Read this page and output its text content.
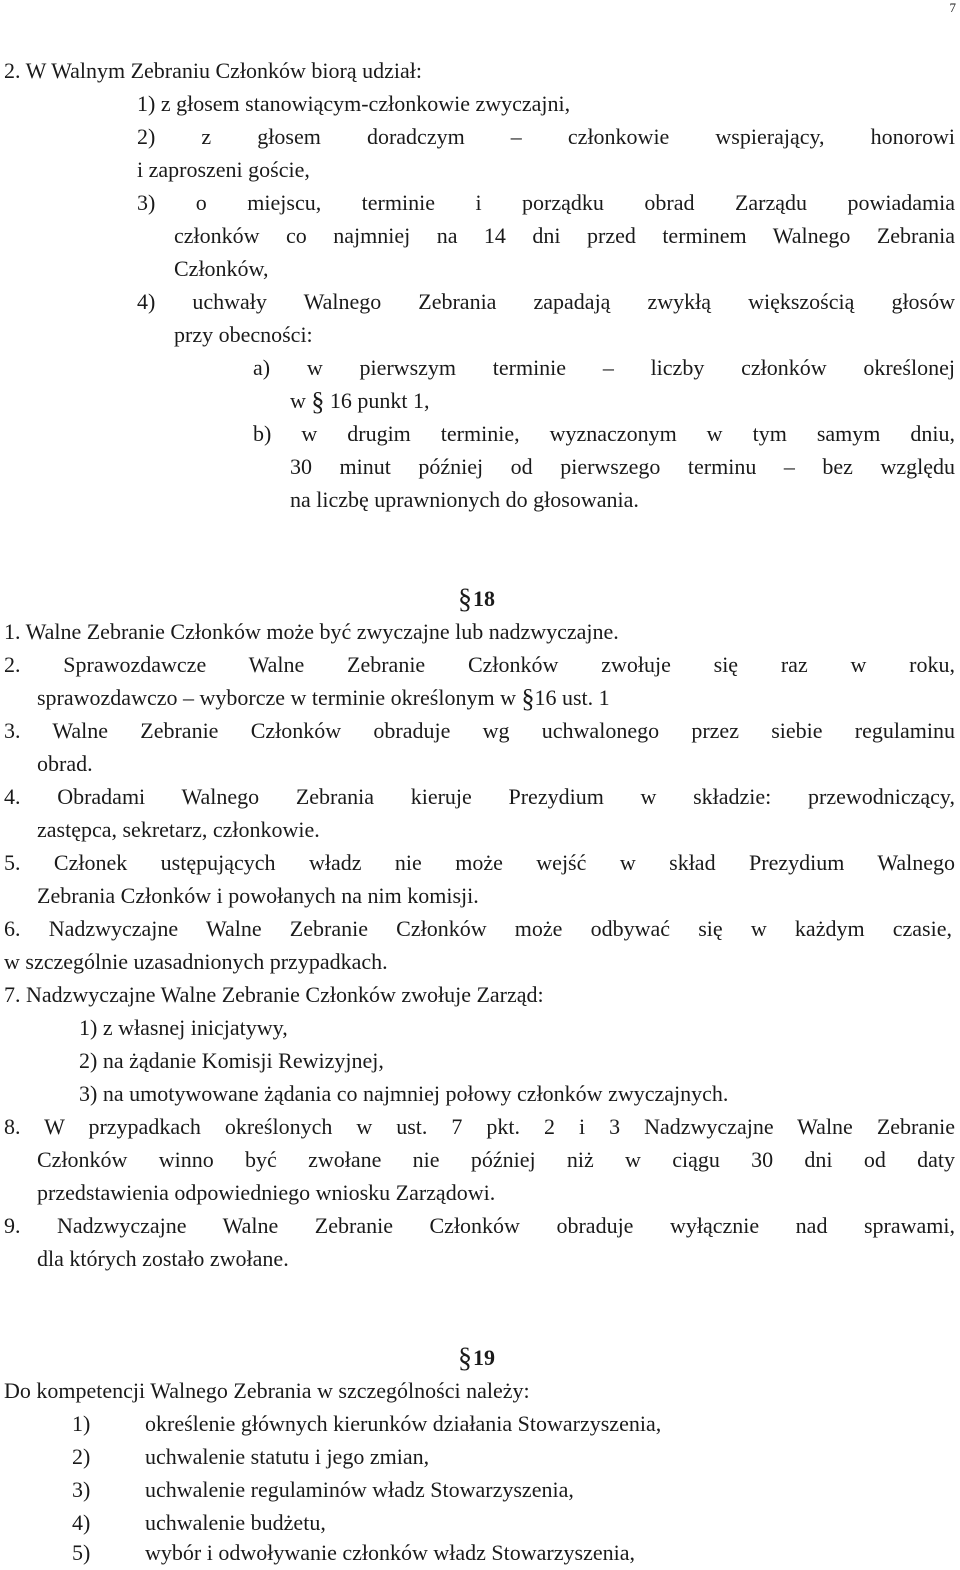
7
2. W Walnym Zebraniu Członków biorą udział:
1) z głosem stanowiącym-członkowie zwyczajni,
2) z głosem doradczym – członkowie wspierający, honorowi
i zaproszeni goście,
3) o miejscu, terminie i porządku obrad Zarządu powiadamia
członków co najmniej na 14 dni przed terminem Walnego Zebrania
Członków,
4) uchwały Walnego Zebrania zapadają zwykłą większością głosów
przy obecności:
a) w pierwszym terminie – liczby członków określonej
w § 16 punkt 1,
b) w drugim terminie, wyznaczonym w tym samym dniu,
30 minut później od pierwszego terminu – bez względu
na liczbę uprawnionych do głosowania.
§18
1. Walne Zebranie Członków może być zwyczajne lub nadzwyczajne.
2. Sprawozdawcze Walne Zebranie Członków zwołuje się raz w roku,
sprawozdawczo – wyborcze w terminie określonym w §16 ust. 1
3. Walne Zebranie Członków obraduje wg uchwalonego przez siebie regulaminu
obrad.
4. Obradami Walnego Zebrania kieruje Prezydium w składzie: przewodniczący,
zastępca, sekretarz, członkowie.
5. Członek ustępujących władz nie może wejść w skład Prezydium Walnego
Zebrania Członków i powołanych na nim komisji.
6. Nadzwyczajne Walne Zebranie Członków może odbywać się w każdym czasie,
w szczególnie uzasadnionych przypadkach.
7. Nadzwyczajne Walne Zebranie Członków zwołuje Zarząd:
1) z własnej inicjatywy,
2) na żądanie Komisji Rewizyjnej,
3) na umotywowane żądania co najmniej połowy członków zwyczajnych.
8. W przypadkach określonych w ust. 7 pkt. 2 i 3 Nadzwyczajne Walne Zebranie
Członków winno być zwołane nie później niż w ciągu 30 dni od daty
przedstawienia odpowiedniego wniosku Zarządowi.
9. Nadzwyczajne Walne Zebranie Członków obraduje wyłącznie nad sprawami,
dla których zostało zwołane.
§19
Do kompetencji Walnego Zebrania w szczególności należy:
1) określenie głównych kierunków działania Stowarzyszenia,
2) uchwalenie statutu i jego zmian,
3) uchwalenie regulaminów władz Stowarzyszenia,
4) uchwalenie budżetu,
5) wybór i odwoływanie członków władz Stowarzyszenia,
